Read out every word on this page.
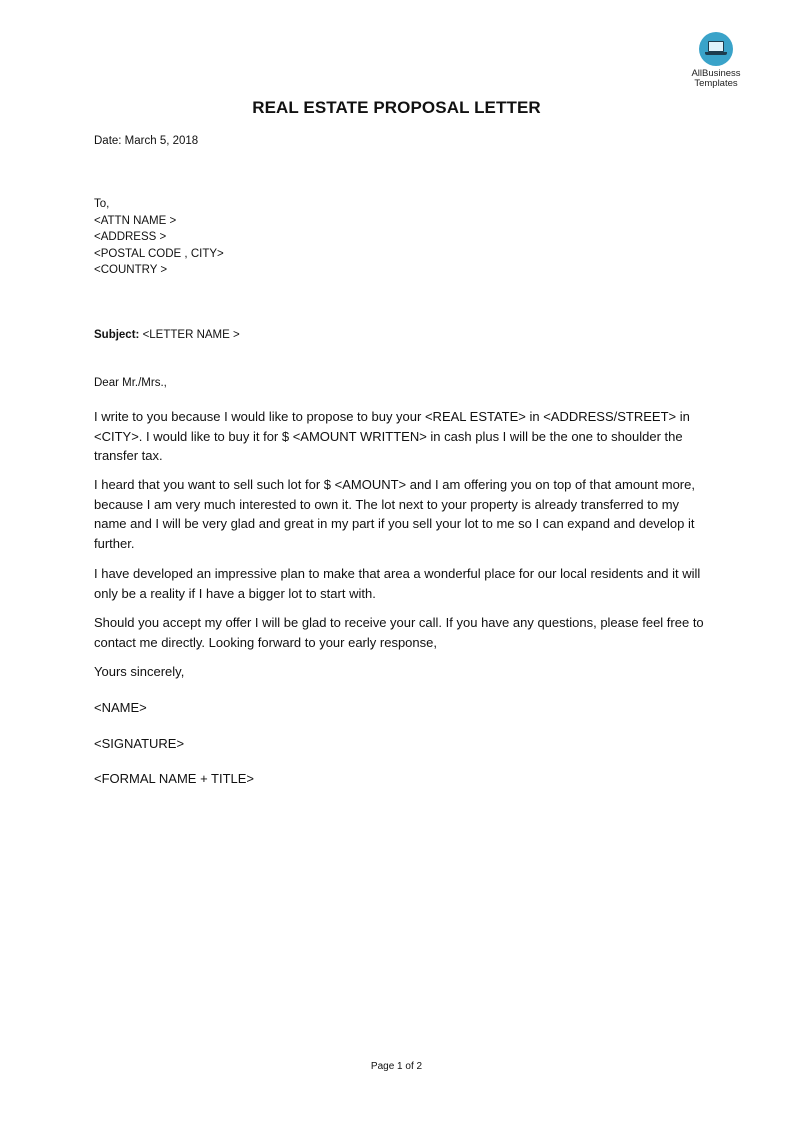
AllBusiness
Templates
REAL ESTATE PROPOSAL LETTER
Date: March 5, 2018
To,
<ATTN NAME >
<ADDRESS >
<POSTAL CODE , CITY>
<COUNTRY >
Subject: <LETTER NAME >
Dear Mr./Mrs.,
I write to you because I would like to propose to buy your <REAL ESTATE> in <ADDRESS/STREET> in <CITY>. I would like to buy it for $ <AMOUNT WRITTEN> in cash plus I will be the one to shoulder the transfer tax.
I heard that you want to sell such lot for $ <AMOUNT> and I am offering you on top of that amount more, because I am very much interested to own it. The lot next to your property is already transferred to my name and I will be very glad and great in my part if you sell your lot to me so I can expand and develop it further.
I have developed an impressive plan to make that area a wonderful place for our local residents and it will only be a reality if I have a bigger lot to start with.
Should you accept my offer I will be glad to receive your call. If you have any questions, please feel free to contact me directly. Looking forward to your early response,
Yours sincerely,
<NAME>
<SIGNATURE>
<FORMAL NAME + TITLE>
Page 1 of 2
